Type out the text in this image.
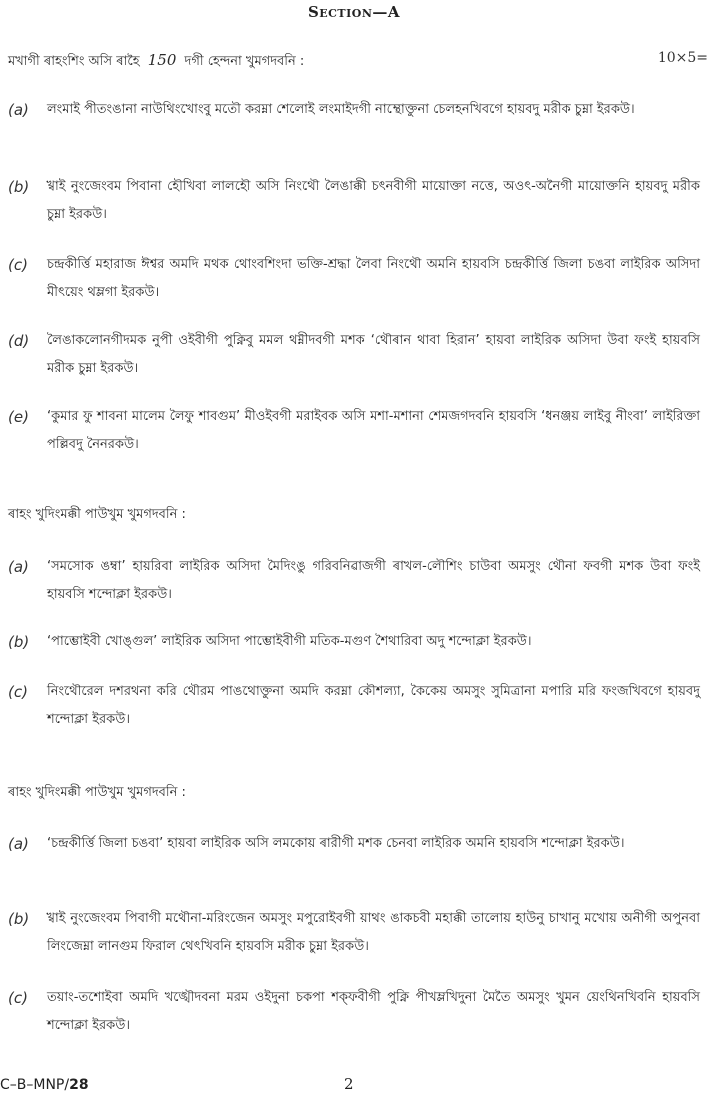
Section—A
মখাগী ৰাহংশিং অসি ৰাহৈ 150 দগী হেন্দনা খুমগদবনি :	10×5=
(a)	লংমাই পীতংঙানা নাউথিংখোংবু মতৌ করম্না শেলোই লংমাইদগী নাম্থোক্তুনা চেলহনখিবগে হায়বদু মরীক চুম্না ইরকউ।
(b)	খ্বাই নুংজেংবম পিবানা হৌখিবা লালহৌ অসি নিংথৌ লৈঙাক্কী চৎনবীগী মায়োক্তা নত্তে, অওৎ-অনৈগী মায়োক্তনি হায়বদু মরীক চুম্না ইরকউ।
(c)	চন্দ্রকীর্ত্তি মহারাজ ঈশ্বর অমদি মথক থোংবশিংদা ভক্তি-শ্রদ্ধা লৈবা নিংথৌ অমনি হায়বসি চন্দ্রকীর্ত্তি জিলা চঙবা লাইরিক অসিদা মীৎয়েং থম্লগা ইরকউ।
(d)	লৈঙাকলোনগীদমক নুপী ওইবীগী পুক্নিবু মমল থম্নীদবগী মশক ‘থৌৰান থাবা হিরান’ হায়বা লাইরিক অসিদা উবা ফংই হায়বসি মরীক চুম্না ইরকউ।
(e)	‘কুমার ফু শাবনা মালেম লৈফু শাবগুম’ মীওইবগী মরাইবক অসি মশা-মশানা শেমজগদবনি হায়বসি ‘ধনঞ্জয় লাইবু নীংবা’ লাইরিক্তা পল্লিবদু নৈনরকউ।
ৰাহং খুদিংমক্কী পাউখুম খুমগদবনি :
(a)	‘সমসোক ঙম্বা’ হায়রিবা লাইরিক অসিদা মৈদিংঙু গরিবনিৱাজগী ৰাখল-লৌশিং চাউবা অমসুং থৌনা ফবগী মশক উবা ফংই হায়বসি শন্দোক্লা ইরকউ।
(b)	‘পাম্ভোইবী খোঙ্গুল’ লাইরিক অসিদা পাম্ভোইবীগী মতিক-মগুণ শৈথারিবা অদু শন্দোক্লা ইরকউ।
(c)	নিংথৌরেল দশরথনা করি থৌরম পাঙথোক্তুনা অমদি করম্না কৌশল্যা, কৈকেয় অমসুং সুমিত্রানা মপারি মরি ফংজখিবগে হায়বদু শন্দোক্লা ইরকউ।
ৰাহং খুদিংমক্কী পাউখুম খুমগদবনি :
(a)	‘চন্দ্রকীর্ত্তি জিলা চঙবা’ হায়বা লাইরিক অসি লমকোয় ৰারীগী মশক চেনবা লাইরিক অমনি হায়বসি শন্দোক্লা ইরকউ।
(b)	খ্বাই নুংজেংবম পিবাগী মথৌনা-মরিংজেন অমসুং মপুরোইবগী য়াথং ঙাকচবী মহাক্কী তালোয় হাউনু চাখানু মখোয় অনীগী অপুনবা লিংজেম্না লানগুম ফিরাল থেৎখিবনি হায়বসি মরীক চুম্না ইরকউ।
(c)	তয়াং-তশোইবা অমদি খঙ্খৌদবনা মরম ওইদুনা চকপা শক্ফবীগী পুক্নি পীখম্লখিদুনা মৈতৈ অমসুং খুমন য়েংথিনখিবনি হায়বসি শন্দোক্লা ইরকউ।
C–B–MNP/28	2
